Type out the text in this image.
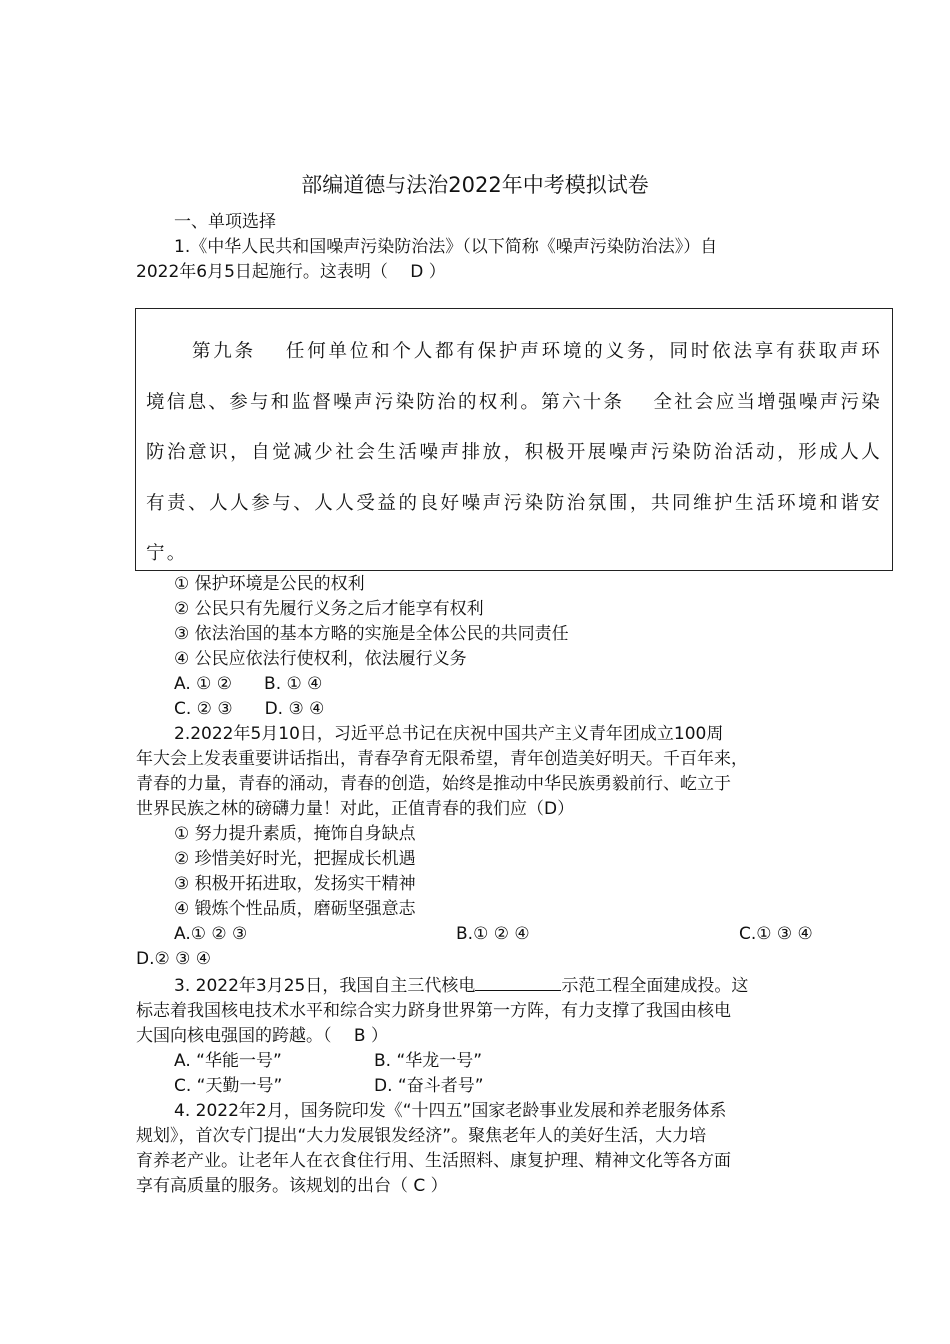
部编道德与法治2022年中考模拟试卷
一、单项选择
1.《中华人民共和国噪声污染防治法》（以下简称《噪声污染防治法》）自
2022年6月5日起施行。这表明（　 D ）
第九条　 任何单位和个人都有保护声环境的义务，同时依法享有获取声环境信息、参与和监督噪声污染防治的权利。第六十条　 全社会应当增强噪声污染防治意识，自觉减少社会生活噪声排放，积极开展噪声污染防治活动，形成人人有责、人人参与、人人受益的良好噪声污染防治氛围，共同维护生活环境和谐安宁。
① 保护环境是公民的权利
② 公民只有先履行义务之后才能享有权利
③ 依法治国的基本方略的实施是全体公民的共同责任
④ 公民应依法行使权利，依法履行义务
A. ① ② B. ① ④
C. ② ③ D. ③ ④
2.2022年5月10日，习近平总书记在庆祝中国共产主义青年团成立100周
年大会上发表重要讲话指出，青春孕育无限希望，青年创造美好明天。千百年来，
青春的力量，青春的涌动，青春的创造，始终是推动中华民族勇毅前行、屹立于
世界民族之林的磅礴力量！对此，正值青春的我们应（D）
① 努力提升素质，掩饰自身缺点
② 珍惜美好时光，把握成长机遇
③ 积极开拓进取，发扬实干精神
④ 锻炼个性品质，磨砺坚强意志
A.① ② ③	B.① ② ④	C.① ③ ④
D.② ③ ④
3. 2022年3月25日，我国自主三代核电	示范工程全面建成投。这
标志着我国核电技术水平和综合实力跻身世界第一方阵，有力支撑了我国由核电
大国向核电强国的跨越。（　 B ）
A. “华能一号”	B. “华龙一号”
C. “天勤一号”	D. “奋斗者号”
4. 2022年2月，国务院印发《“十四五”国家老龄事业发展和养老服务体系
规划》，首次专门提出“大力发展银发经济”。聚焦老年人的美好生活，大力培
育养老产业。让老年人在衣食住行用、生活照料、康复护理、精神文化等各方面
享有高质量的服务。该规划的出台（ C ）
